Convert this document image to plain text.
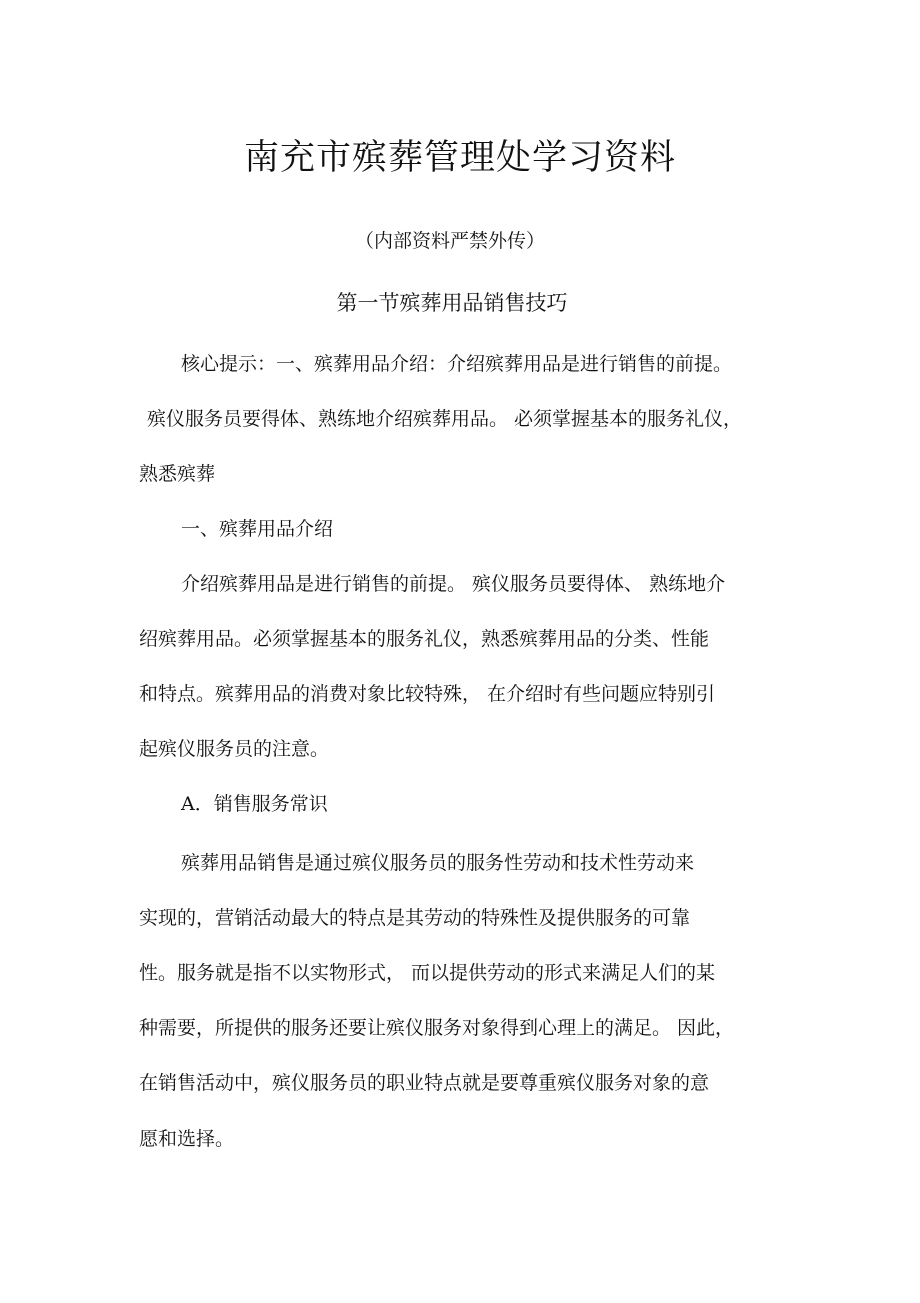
南充市殡葬管理处学习资料
（内部资料严禁外传）
第一节殡葬用品销售技巧
核心提示：一、殡葬用品介绍：介绍殡葬用品是进行销售的前提。
殡仪服务员要得体、熟练地介绍殡葬用品。 必须掌握基本的服务礼仪，
熟悉殡葬
一、殡葬用品介绍
介绍殡葬用品是进行销售的前提。 殡仪服务员要得体、 熟练地介
绍殡葬用品。必须掌握基本的服务礼仪，熟悉殡葬用品的分类、性能
和特点。殡葬用品的消费对象比较特殊， 在介绍时有些问题应特别引
起殡仪服务员的注意。
A．销售服务常识
殡葬用品销售是通过殡仪服务员的服务性劳动和技术性劳动来
实现的，营销活动最大的特点是其劳动的特殊性及提供服务的可靠
性。服务就是指不以实物形式， 而以提供劳动的形式来满足人们的某
种需要，所提供的服务还要让殡仪服务对象得到心理上的满足。 因此，
在销售活动中，殡仪服务员的职业特点就是要尊重殡仪服务对象的意
愿和选择。
